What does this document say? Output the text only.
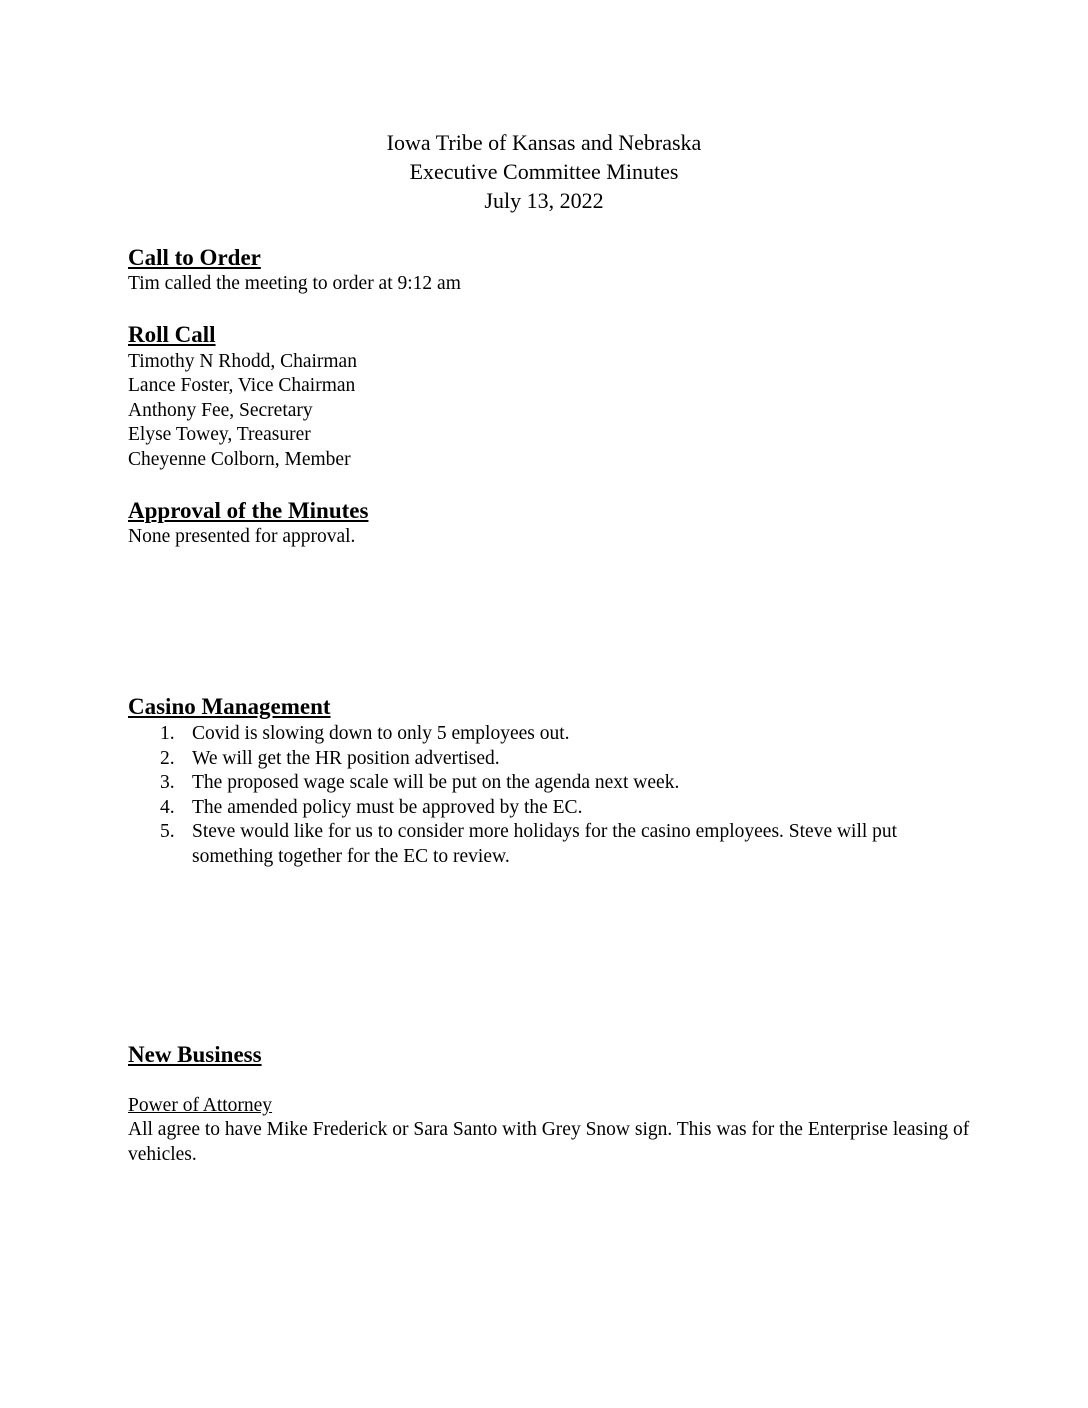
Iowa Tribe of Kansas and Nebraska
Executive Committee Minutes
July 13, 2022
Call to Order
Tim called the meeting to order at 9:12 am
Roll Call
Timothy N Rhodd, Chairman
Lance Foster, Vice Chairman
Anthony Fee, Secretary
Elyse Towey, Treasurer
Cheyenne Colborn, Member
Approval of the Minutes
None presented for approval.
Casino Management
1. Covid is slowing down to only 5 employees out.
2. We will get the HR position advertised.
3. The proposed wage scale will be put on the agenda next week.
4. The amended policy must be approved by the EC.
5. Steve would like for us to consider more holidays for the casino employees. Steve will put something together for the EC to review.
New Business
Power of Attorney
All agree to have Mike Frederick or Sara Santo with Grey Snow sign. This was for the Enterprise leasing of vehicles.
